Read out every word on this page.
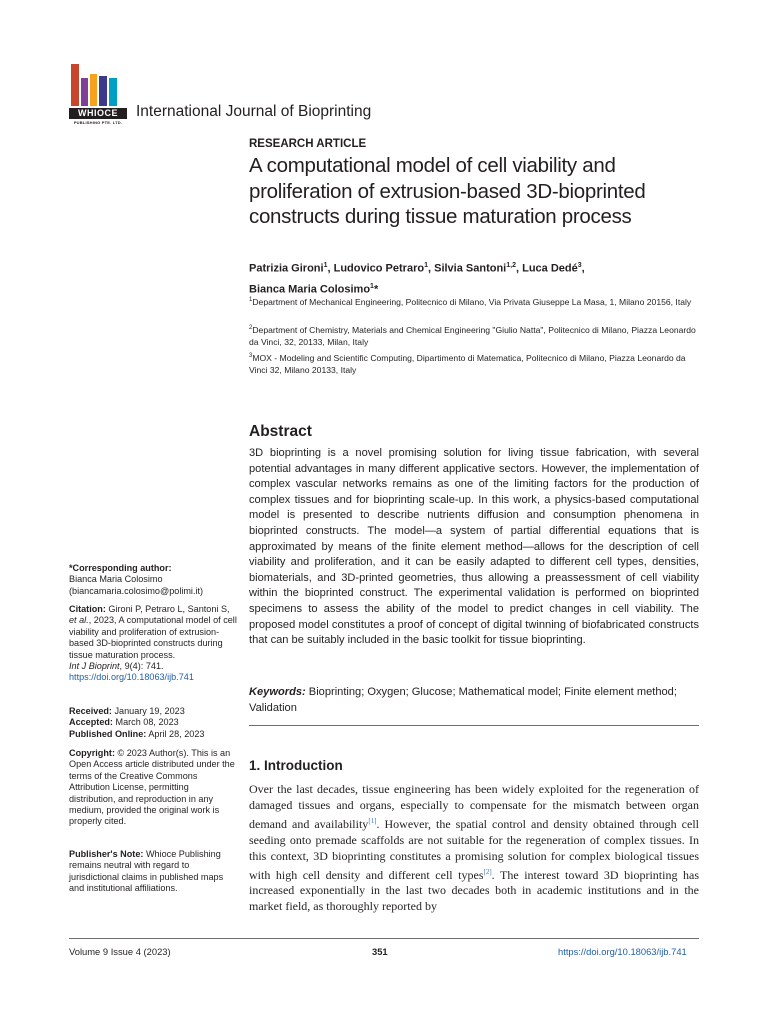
WHIOCE
PUBLISHING PTE. LTD.
International Journal of Bioprinting
RESEARCH ARTICLE
A computational model of cell viability and proliferation of extrusion-based 3D-bioprinted constructs during tissue maturation process
Patrizia Gironi$^1$, Ludovico Petraro$^1$, Silvia Santoni$^{1,2}$, Luca Dedé$^3$,
Bianca Maria Colosimo$^1$*
$^1$Department of Mechanical Engineering, Politecnico di Milano, Via Privata Giuseppe La Masa, 1, Milano 20156, Italy
$^2$Department of Chemistry, Materials and Chemical Engineering "Giulio Natta", Politecnico di Milano, Piazza Leonardo da Vinci, 32, 20133, Milan, Italy
$^3$MOX - Modeling and Scientific Computing, Dipartimento di Matematica, Politecnico di Milano, Piazza Leonardo da Vinci 32, Milano 20133, Italy
Abstract
3D bioprinting is a novel promising solution for living tissue fabrication, with several potential advantages in many different applicative sectors. However, the implementation of complex vascular networks remains as one of the limiting factors for the production of complex tissues and for bioprinting scale-up. In this work, a physics-based computational model is presented to describe nutrients diffusion and consumption phenomena in bioprinted constructs. The model—a system of partial differential equations that is approximated by means of the finite element method—allows for the description of cell viability and proliferation, and it can be easily adapted to different cell types, densities, biomaterials, and 3D-printed geometries, thus allowing a preassessment of cell viability within the bioprinted construct. The experimental validation is performed on bioprinted specimens to assess the ability of the model to predict changes in cell viability. The proposed model constitutes a proof of concept of digital twinning of biofabricated constructs that can be suitably included in the basic toolkit for tissue bioprinting.
Keywords: Bioprinting; Oxygen; Glucose; Mathematical model; Finite element method; Validation
1. Introduction
Over the last decades, tissue engineering has been widely exploited for the regeneration of damaged tissues and organs, especially to compensate for the mismatch between organ demand and availability[1]. However, the spatial control and density obtained through cell seeding onto premade scaffolds are not suitable for the regeneration of complex tissues. In this context, 3D bioprinting constitutes a promising solution for complex biological tissues with high cell density and different cell types[2]. The interest toward 3D bioprinting has increased exponentially in the last two decades both in academic institutions and in the market field, as thoroughly reported by
*Corresponding author:
Bianca Maria Colosimo
(biancamaria.colosimo@polimi.it)
Citation: Gironi P, Petraro L, Santoni S, et al., 2023, A computational model of cell viability and proliferation of extrusion-based 3D-bioprinted constructs during tissue maturation process.
Int J Bioprint, 9(4): 741.
https://doi.org/10.18063/ijb.741
Received: January 19, 2023
Accepted: March 08, 2023
Published Online: April 28, 2023
Copyright: © 2023 Author(s). This is an Open Access article distributed under the terms of the Creative Commons Attribution License, permitting distribution, and reproduction in any medium, provided the original work is properly cited.
Publisher's Note: Whioce Publishing remains neutral with regard to jurisdictional claims in published maps and institutional affiliations.
Volume 9 Issue 4 (2023)	351	https://doi.org/10.18063/ijb.741
